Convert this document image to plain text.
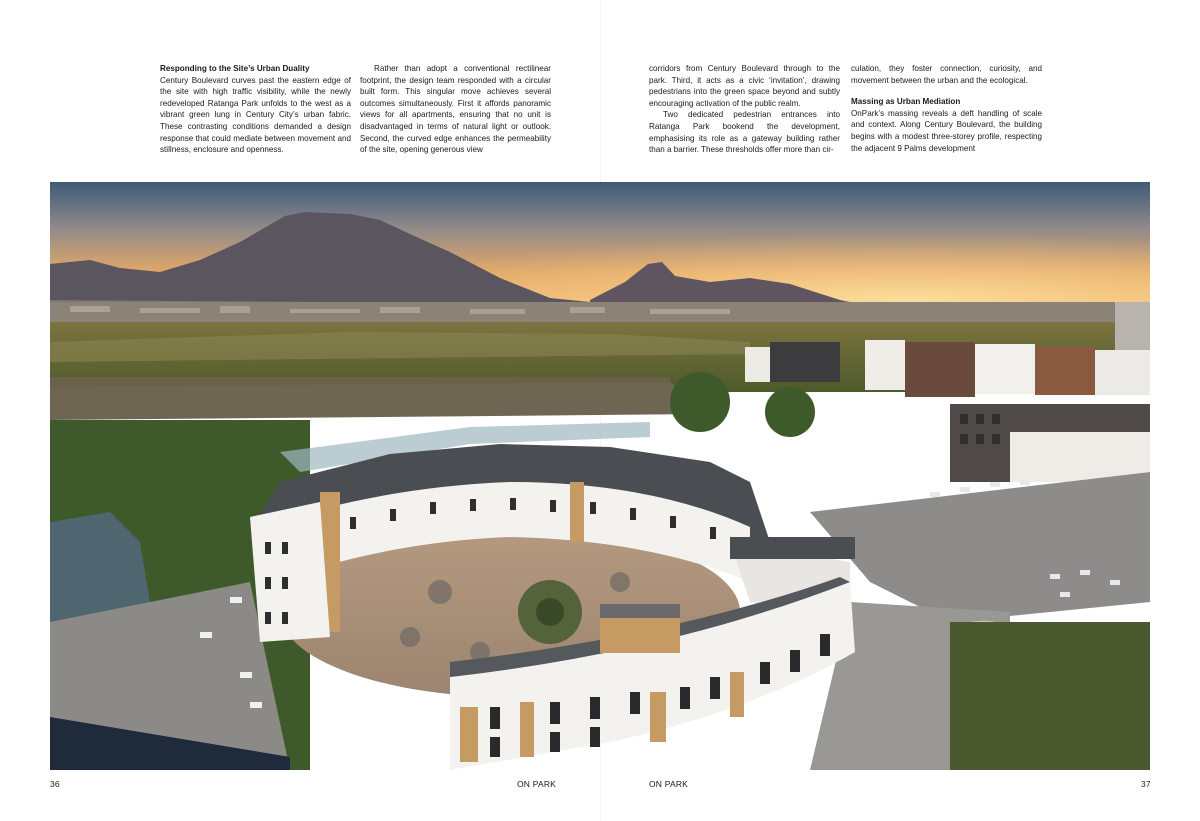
Responding to the Site’s Urban Duality

Century Boulevard curves past the eastern edge of the site with high traffic visibility, while the newly redeveloped Ratanga Park unfolds to the west as a vibrant green lung in Century City’s urban fabric. These contrasting conditions demanded a design response that could mediate between movement and stillness, enclosure and openness.

Rather than adopt a conventional rectilinear footprint, the design team responded with a circular built form. This singular move achieves several outcomes simultaneously. First it affords panoramic views for all apartments, ensuring that no unit is disadvantaged in terms of natural light or outlook. Second, the curved edge enhances the permeability of the site, opening generous view

corridors from Century Boulevard through to the park. Third, it acts as a civic ‘invitation’, drawing pedestrians into the green space beyond and subtly encouraging activation of the public realm.

Two dedicated pedestrian entrances into Ratanga Park bookend the development, emphasising its role as a gateway building rather than a barrier. These thresholds offer more than cir-

culation, they foster connection, curiosity, and movement between the urban and the ecological.

Massing as Urban Mediation

OnPark’s massing reveals a deft handling of scale and context. Along Century Boulevard, the building begins with a modest three-storey profile, respecting the adjacent 9 Palms development

36	ON PARK	ON PARK	37
